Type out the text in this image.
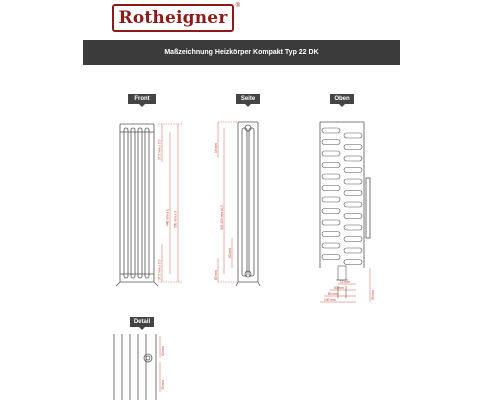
Rotheigner
®
Maßzeichnung Heizkörper Kompakt Typ 22 DK
Front	Seite	Oben
Detail
37.5 mm ± 0.5
446 mm ± 2 500 mm ± 3
37.5 mm ± 0.5
18 mm
345-495 mm ±0.5
20 mm
65 mm
12 mm
50 mm
80 mm
100 mm	30 mm
50 mm
35 mm
